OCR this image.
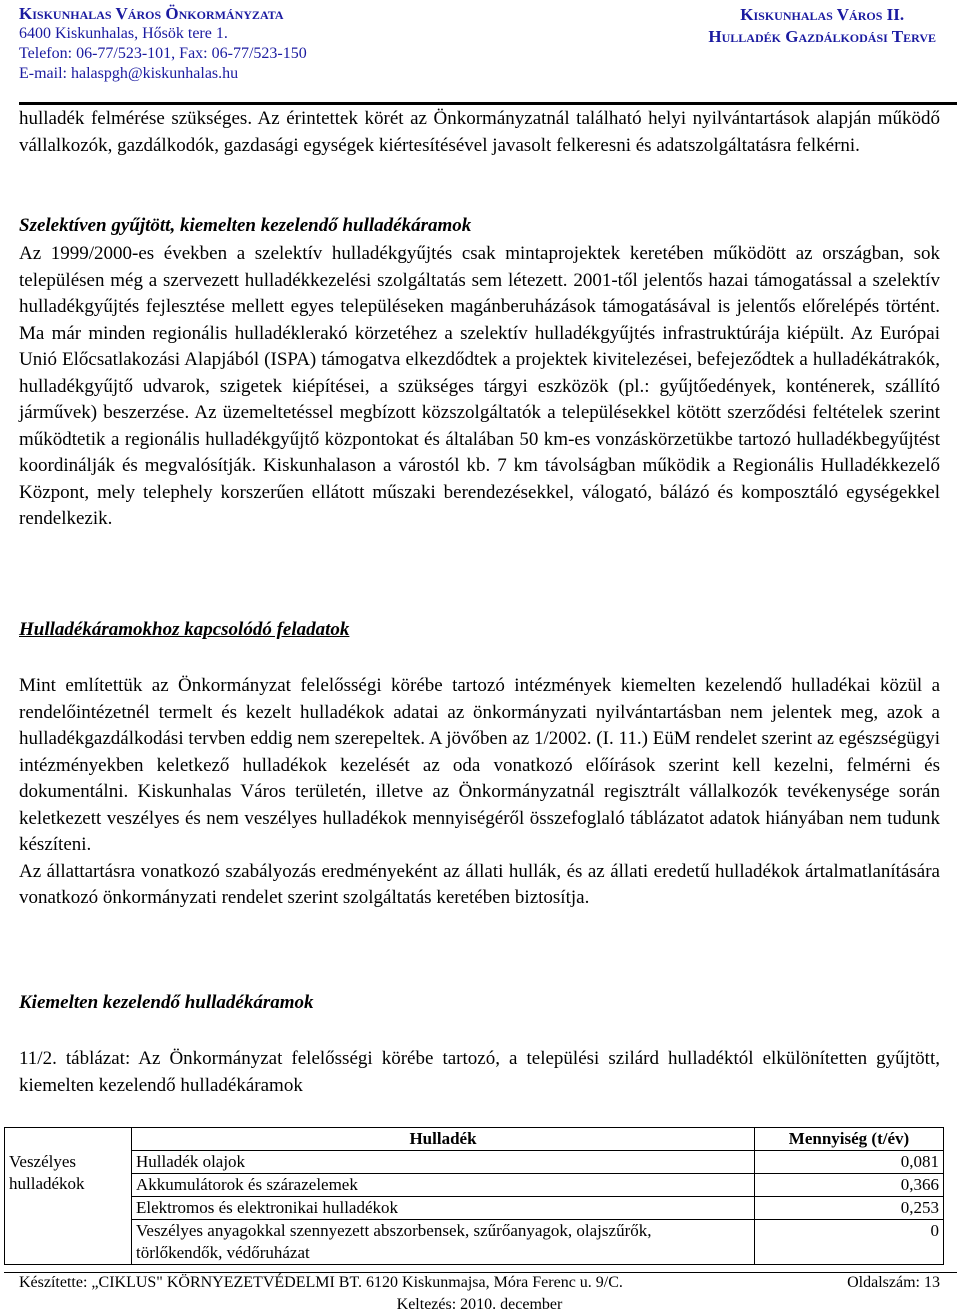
Kiskunhalas Város Önkormányzata
6400 Kiskunhalas, Hősök tere 1.
Telefon: 06-77/523-101, Fax: 06-77/523-150
E-mail: halaspgh@kiskunhalas.hu
Kiskunhalas Város II.
Hulladék Gazdálkodási Terve

hulladék felmérése szükséges. Az érintettek körét az Önkormányzatnál található helyi nyilvántartások alapján működő vállalkozók, gazdálkodók, gazdasági egységek kiértesítésével javasolt felkeresni és adatszolgáltatásra felkérni.

Szelektíven gyűjtött, kiemelten kezelendő hulladékáramok

Az 1999/2000-es években a szelektív hulladékgyűjtés csak mintaprojektek keretében működött az országban, sok településen még a szervezett hulladékkezelési szolgáltatás sem létezett. 2001-től jelentős hazai támogatással a szelektív hulladékgyűjtés fejlesztése mellett egyes településeken magánberuházások támogatásával is jelentős előrelépés történt. Ma már minden regionális hulladéklerakó körzetéhez a szelektív hulladékgyűjtés infrastruktúrája kiépült. Az Európai Unió Előcsatlakozási Alapjából (ISPA) támogatva elkezdődtek a projektek kivitelezései, befejeződtek a hulladékátrakók, hulladékgyűjtő udvarok, szigetek kiépítései, a szükséges tárgyi eszközök (pl.: gyűjtőedények, konténerek, szállító járművek) beszerzése. Az üzemeltetéssel megbízott közszolgáltatók a településekkel kötött szerződési feltételek szerint működtetik a regionális hulladékgyűjtő központokat és általában 50 km-es vonzáskörzetükbe tartozó hulladékbegyűjtést koordinálják és megvalósítják. Kiskunhalason a várostól kb. 7 km távolságban működik a Regionális Hulladékkezelő Központ, mely telephely korszerűen ellátott műszaki berendezésekkel, válogató, bálázó és komposztáló egységekkel rendelkezik.

Hulladékáramokhoz kapcsolódó feladatok

Mint említettük az Önkormányzat felelősségi körébe tartozó intézmények kiemelten kezelendő hulladékai közül a rendelőintézetnél termelt és kezelt hulladékok adatai az önkormányzati nyilvántartásban nem jelentek meg, azok a hulladékgazdálkodási tervben eddig nem szerepeltek. A jövőben az 1/2002. (I. 11.) EüM rendelet szerint az egészségügyi intézményekben keletkező hulladékok kezelését az oda vonatkozó előírások szerint kell kezelni, felmérni és dokumentálni. Kiskunhalas Város területén, illetve az Önkormányzatnál regisztrált vállalkozók tevékenysége során keletkezett veszélyes és nem veszélyes hulladékok mennyiségéről összefoglaló táblázatot adatok hiányában nem tudunk készíteni.

Az állattartásra vonatkozó szabályozás eredményeként az állati hullák, és az állati eredetű hulladékok ártalmatlanítására vonatkozó önkormányzati rendelet szerint szolgáltatás keretében biztosítja.

Kiemelten kezelendő hulladékáramok

11/2. táblázat: Az Önkormányzat felelősségi körébe tartozó, a települési szilárd hulladéktól elkülönítetten gyűjtött, kiemelten kezelendő hulladékáramok

	Hulladék	Mennyiség (t/év)
Veszélyes hulladékok	Hulladék olajok	0,081
	Akkumulátorok és szárazelemek	0,366
	Elektromos és elektronikai hulladékok	0,253
	Veszélyes anyagokkal szennyezett abszorbensek, szűrőanyagok, olajszűrők, törlőkendők, védőruházat	0
Készítette: „CIKLUS" KÖRNYEZETVÉDELMI BT. 6120 Kiskunmajsa, Móra Ferenc u. 9/C.	Oldalszám: 13
Keltezés: 2010. december
